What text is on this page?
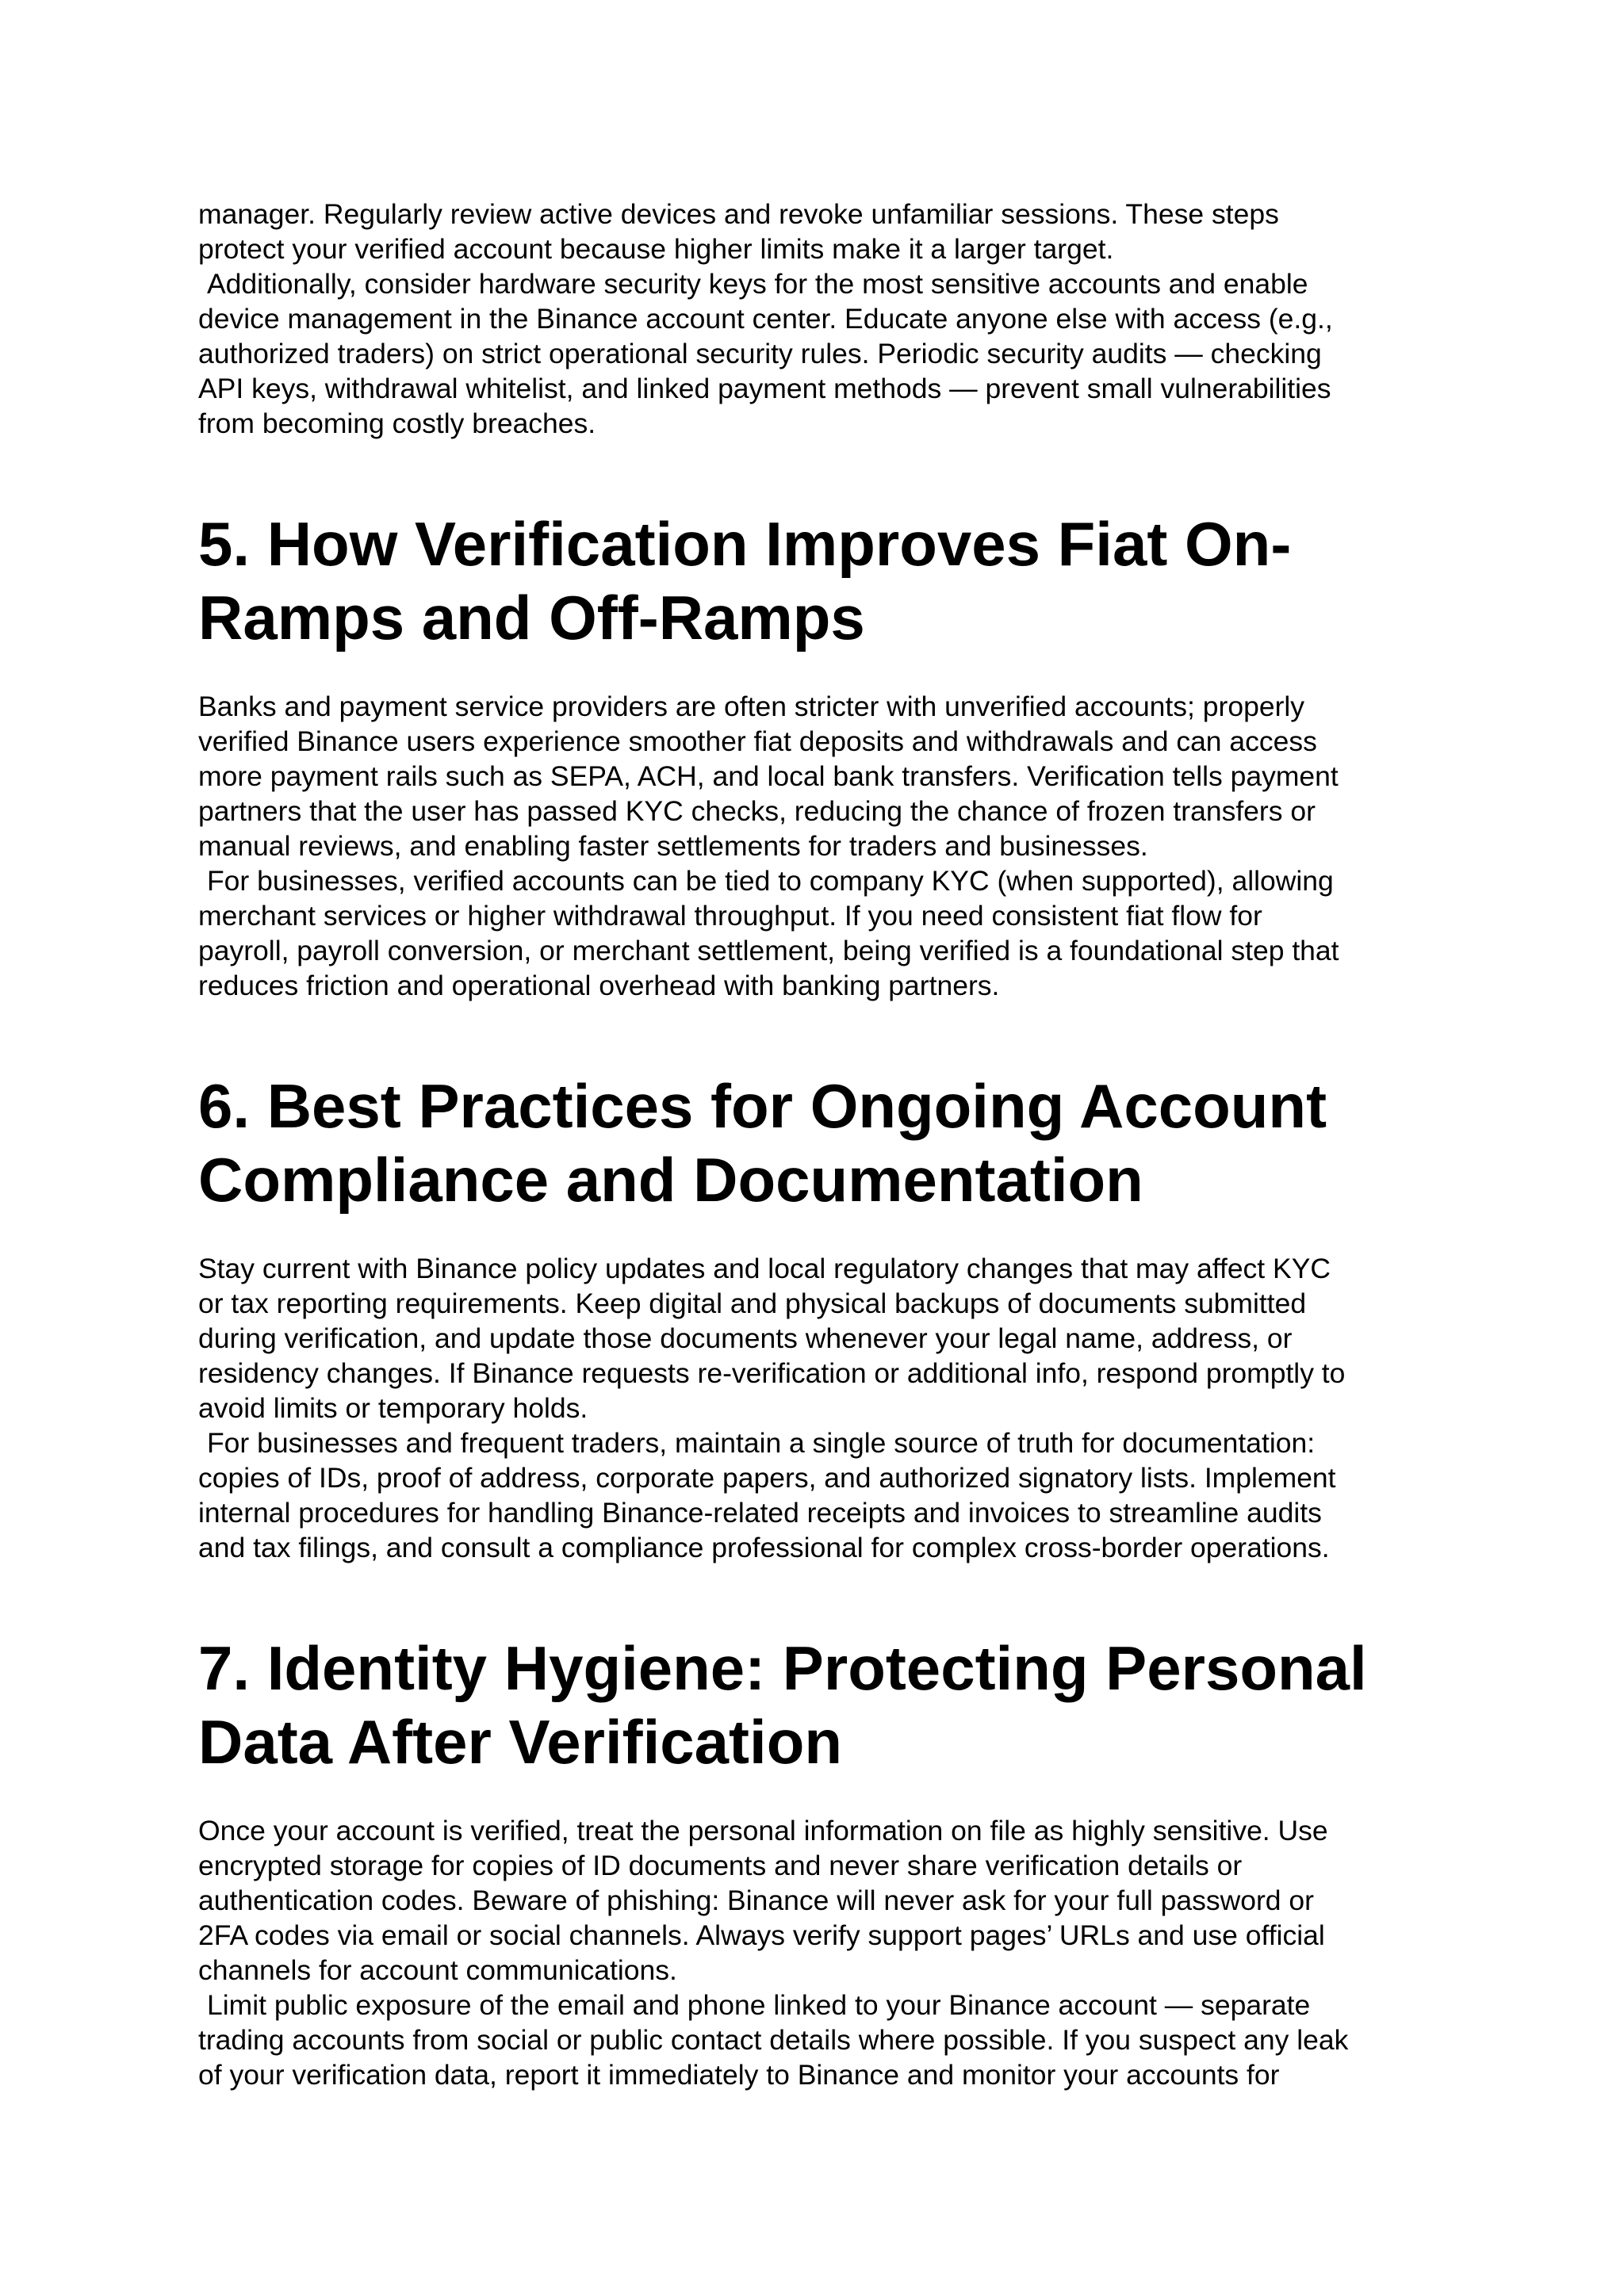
manager. Regularly review active devices and revoke unfamiliar sessions. These steps
protect your verified account because higher limits make it a larger target.

Additionally, consider hardware security keys for the most sensitive accounts and enable
device management in the Binance account center. Educate anyone else with access (e.g.,
authorized traders) on strict operational security rules. Periodic security audits — checking
API keys, withdrawal whitelist, and linked payment methods — prevent small vulnerabilities
from becoming costly breaches.

5. How Verification Improves Fiat On-
Ramps and Off-Ramps

Banks and payment service providers are often stricter with unverified accounts; properly
verified Binance users experience smoother fiat deposits and withdrawals and can access
more payment rails such as SEPA, ACH, and local bank transfers. Verification tells payment
partners that the user has passed KYC checks, reducing the chance of frozen transfers or
manual reviews, and enabling faster settlements for traders and businesses.

For businesses, verified accounts can be tied to company KYC (when supported), allowing
merchant services or higher withdrawal throughput. If you need consistent fiat flow for
payroll, payroll conversion, or merchant settlement, being verified is a foundational step that
reduces friction and operational overhead with banking partners.

6. Best Practices for Ongoing Account
Compliance and Documentation

Stay current with Binance policy updates and local regulatory changes that may affect KYC
or tax reporting requirements. Keep digital and physical backups of documents submitted
during verification, and update those documents whenever your legal name, address, or
residency changes. If Binance requests re-verification or additional info, respond promptly to
avoid limits or temporary holds.

For businesses and frequent traders, maintain a single source of truth for documentation:
copies of IDs, proof of address, corporate papers, and authorized signatory lists. Implement
internal procedures for handling Binance-related receipts and invoices to streamline audits
and tax filings, and consult a compliance professional for complex cross-border operations.

7. Identity Hygiene: Protecting Personal
Data After Verification

Once your account is verified, treat the personal information on file as highly sensitive. Use
encrypted storage for copies of ID documents and never share verification details or
authentication codes. Beware of phishing: Binance will never ask for your full password or
2FA codes via email or social channels. Always verify support pages’ URLs and use official
channels for account communications.

Limit public exposure of the email and phone linked to your Binance account — separate
trading accounts from social or public contact details where possible. If you suspect any leak
of your verification data, report it immediately to Binance and monitor your accounts for
